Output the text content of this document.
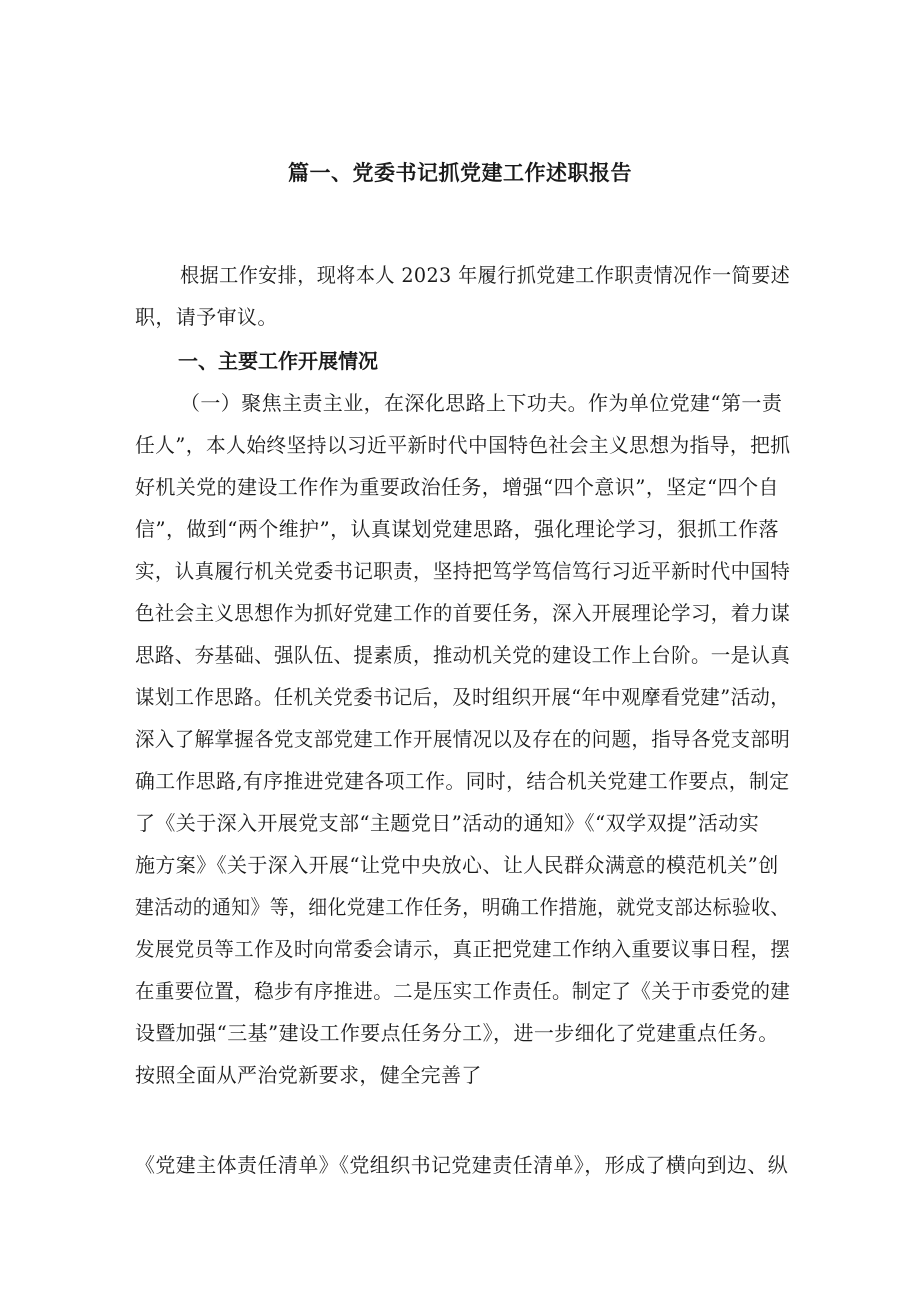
篇一、党委书记抓党建工作述职报告
根据工作安排，现将本人 2023 年履行抓党建工作职责情况作一简要述
职，请予审议。
一、主要工作开展情况
（一）聚焦主责主业，在深化思路上下功夫。作为单位党建“第一责
任人”，本人始终坚持以习近平新时代中国特色社会主义思想为指导，把抓
好机关党的建设工作作为重要政治任务，增强“四个意识”，坚定“四个自
信”，做到“两个维护”，认真谋划党建思路，强化理论学习，狠抓工作落
实，认真履行机关党委书记职责，坚持把笃学笃信笃行习近平新时代中国特
色社会主义思想作为抓好党建工作的首要任务，深入开展理论学习，着力谋
思路、夯基础、强队伍、提素质，推动机关党的建设工作上台阶。一是认真
谋划工作思路。任机关党委书记后，及时组织开展“年中观摩看党建”活动，
深入了解掌握各党支部党建工作开展情况以及存在的问题，指导各党支部明
确工作思路,有序推进党建各项工作。同时，结合机关党建工作要点，制定
了《关于深入开展党支部“主题党日”活动的通知》《“双学双提”活动实
施方案》《关于深入开展“让党中央放心、让人民群众满意的模范机关”创
建活动的通知》等，细化党建工作任务，明确工作措施，就党支部达标验收、
发展党员等工作及时向常委会请示，真正把党建工作纳入重要议事日程，摆
在重要位置，稳步有序推进。二是压实工作责任。制定了《关于市委党的建
设暨加强“三基”建设工作要点任务分工》，进一步细化了党建重点任务。
按照全面从严治党新要求，健全完善了
《党建主体责任清单》《党组织书记党建责任清单》，形成了横向到边、纵
